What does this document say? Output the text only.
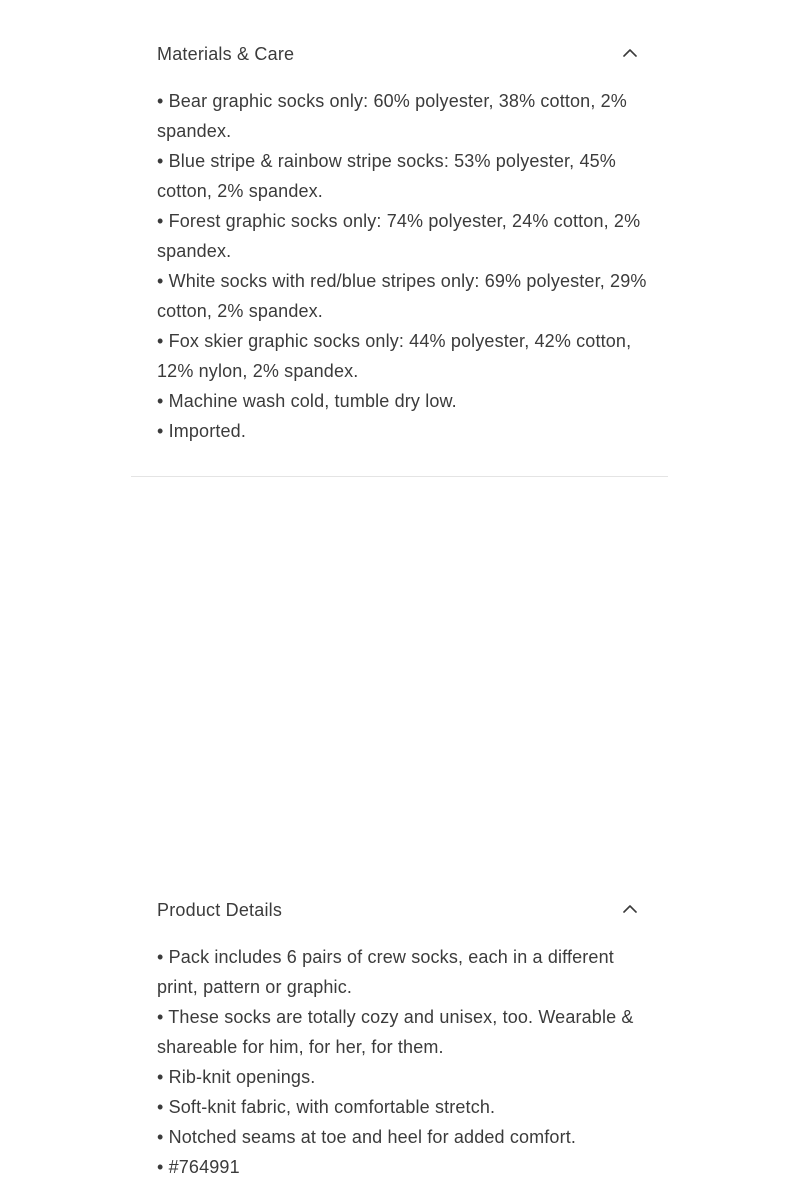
Materials & Care
• Bear graphic socks only: 60% polyester, 38% cotton, 2% spandex.
• Blue stripe & rainbow stripe socks: 53% polyester, 45% cotton, 2% spandex.
• Forest graphic socks only: 74% polyester, 24% cotton, 2% spandex.
• White socks with red/blue stripes only: 69% polyester, 29% cotton, 2% spandex.
• Fox skier graphic socks only: 44% polyester, 42% cotton, 12% nylon, 2% spandex.
• Machine wash cold, tumble dry low.
• Imported.
Product Details
• Pack includes 6 pairs of crew socks, each in a different print, pattern or graphic.
• These socks are totally cozy and unisex, too. Wearable & shareable for him, for her, for them.
• Rib-knit openings.
• Soft-knit fabric, with comfortable stretch.
• Notched seams at toe and heel for added comfort.
• #764991
